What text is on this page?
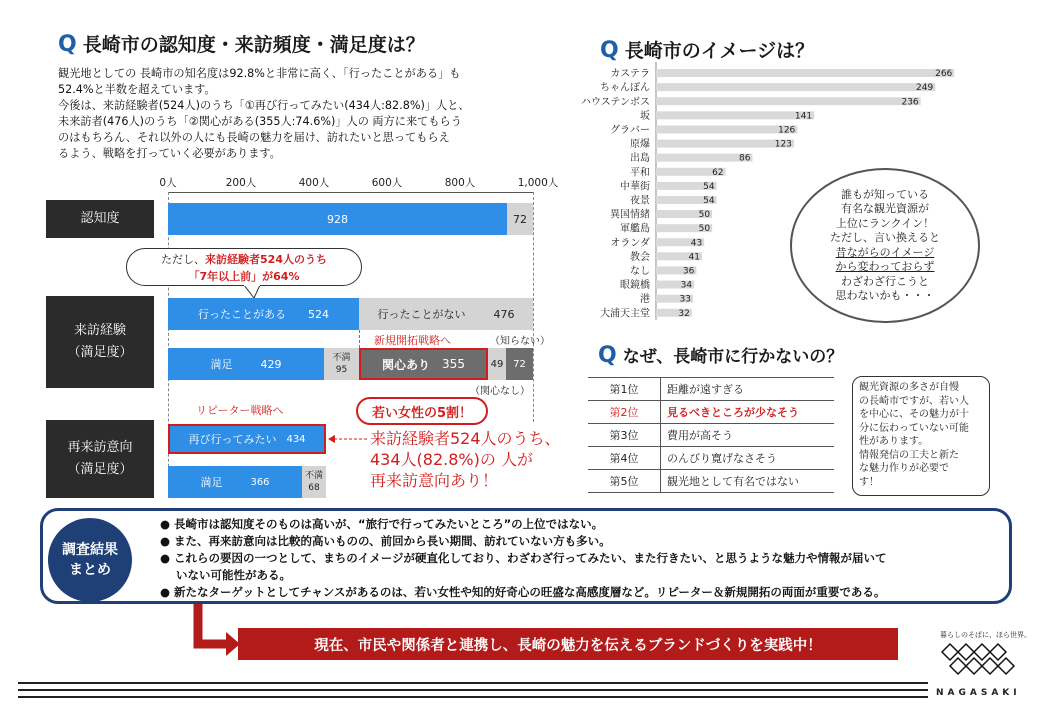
Q 長崎市の認知度・来訪頻度・満足度は？
観光地としての 長崎市の知名度は92.8%と非常に高く、「行ったことがある」も
52.4%と半数を超えています。
今後は、来訪経験者(524人)のうち「①再び行ってみたい(434人:82.8%)」人と、
未来訪者(476人)のうち「②関心がある(355人:74.6%)」人の 両方に来てもらう
のはもちろん、それ以外の人にも長崎の魅力を届け、訪れたいと思ってもらえ
るよう、戦略を打っていく必要があります。
0人	200人	400人	600人	800人	1,000人
認知度
来訪経験
（満足度）
再来訪意向
（満足度）
928	72
ただし、来訪経験者524人のうち
「7年以上前」が64%
行ったことがある 524	行ったことがない	476
新規開拓戦略へ	（知らない）
満足	429	不満
95	関心あり 355	49 72
（関心なし）
若い女性の5割！
リピーター戦略へ
再び行ってみたい 434
満足	366
不満
68
来訪経験者524人のうち、
434人(82.8%)の 人が
再来訪意向あり！
Q 長崎市のイメージは？
カステラ	266
ちゃんぽん	249
ハウステンボス	236
坂	141
グラバー	126
原爆	123
出島	86
平和	62
中華街	54
夜景	54
異国情緒	50
軍艦島	50
オランダ	43
教会	41
なし	36
眼鏡橋	34
港	33
大浦天主堂	32
誰もが知っている
有名な観光資源が
上位にランクイン！
ただし、言い換えると
昔ながらのイメージ
から変わっておらず
わざわざ行こうと
思わないかも・・・
Q なぜ、長崎市に行かないの？
第1位	距離が遠すぎる
第2位	見るべきところが少なそう
第3位	費用が高そう
第4位	のんびり寛げなさそう
第5位	観光地として有名ではない
観光資源の多さが自慢
の長崎市ですが、若い人
を中心に、その魅力が十
分に伝わっていない可能
性があります。
情報発信の工夫と新た
な魅力作りが必要で
す！
調査結果
まとめ
● 長崎市は認知度そのものは高いが、“旅行で行ってみたいところ”の上位ではない。
● また、再来訪意向は比較的高いものの、前回から長い期間、訪れていない方も多い。
● これらの要因の一つとして、まちのイメージが硬直化しており、わざわざ行ってみたい、また行きたい、と思うような魅力や情報が届いて
いない可能性がある。
● 新たなターゲットとしてチャンスがあるのは、若い女性や知的好奇心の旺盛な高感度層など。リピーター＆新規開拓の両面が重要である。
現在、市民や関係者と連携し、長崎の魅力を伝えるブランドづくりを実践中！
暮らしのそばに、ほら世界。
NAGASAKI
